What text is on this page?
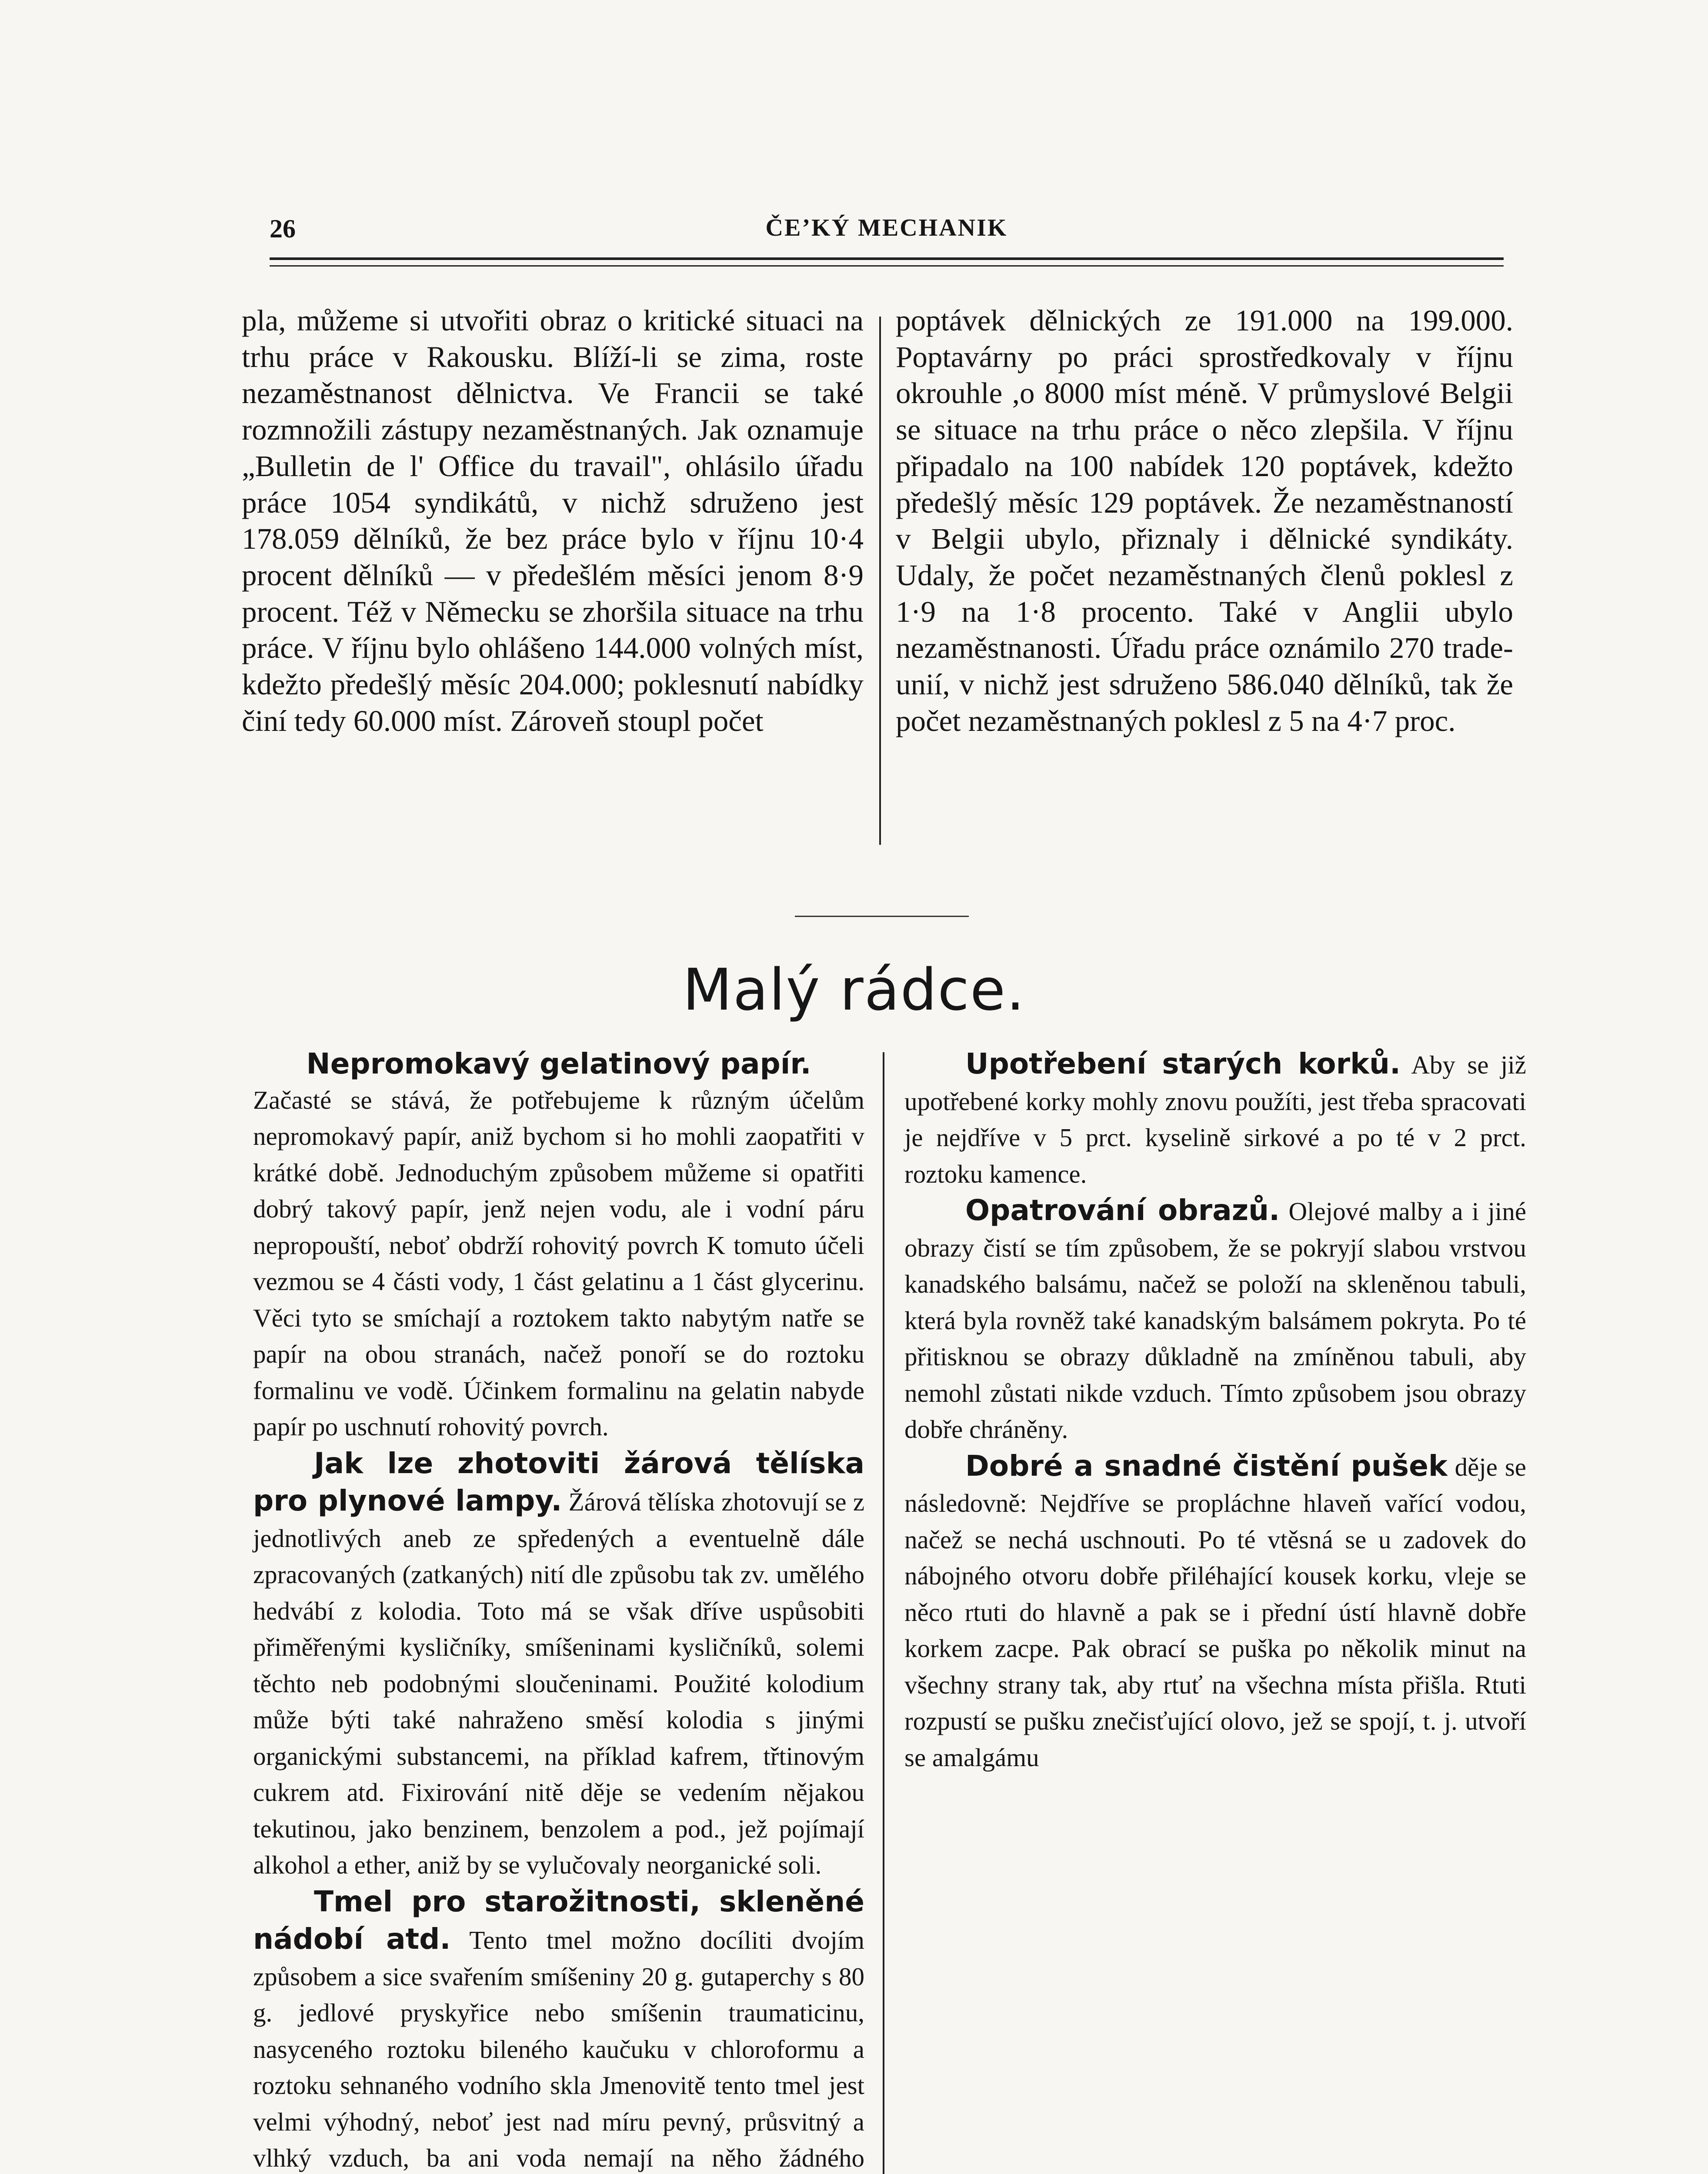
26	ČE’KÝ MECHANIK
pla, můžeme si utvořiti obraz o kritické situaci na trhu práce v Rakousku. Blíží-li se zima, roste nezaměstnanost dělnictva. Ve Francii se také rozmnožili zástupy nezaměstnaných. Jak oznamuje „Bulletin de l' Office du travail", ohlásilo úřadu práce 1054 syndikátů, v nichž sdruženo jest 178.059 dělníků, že bez práce bylo v říjnu 10·4 procent dělníků — v předešlém měsíci jenom 8·9 procent. Též v Německu se zhoršila situace na trhu práce. V říjnu bylo ohlášeno 144.000 volných míst, kdežto předešlý měsíc 204.000; poklesnutí nabídky činí tedy 60.000 míst. Zároveň stoupl počet
poptávek dělnických ze 191.000 na 199.000. Poptavárny po práci sprostředkovaly v říjnu okrouhle ,o 8000 míst méně. V průmyslové Belgii se situace na trhu práce o něco zlepšila. V říjnu připadalo na 100 nabídek 120 poptávek, kdežto předešlý měsíc 129 poptávek. Že nezaměstnaností v Belgii ubylo, přiznaly i dělnické syndikáty. Udaly, že počet nezaměstnaných členů poklesl z 1·9 na 1·8 procento. Také v Anglii ubylo nezaměstnanosti. Úřadu práce oznámilo 270 trade-unií, v nichž jest sdruženo 586.040 dělníků, tak že počet nezaměstnaných poklesl z 5 na 4·7 proc.
Malý rádce.
Nepromokavý gelatinový papír.
Začasté se stává, že potřebujeme k různým účelům nepromokavý papír, aniž bychom si ho mohli zaopatřiti v krátké době. Jednoduchým způsobem můžeme si opatřiti dobrý takový papír, jenž nejen vodu, ale i vodní páru nepropouští, neboť obdrží rohovitý povrch K tomuto účeli vezmou se 4 části vody, 1 část gelatinu a 1 část glycerinu. Věci tyto se smíchají a roztokem takto nabytým natře se papír na obou stranách, načež ponoří se do roztoku formalinu ve vodě. Účinkem formalinu na gelatin nabyde papír po uschnutí rohovitý povrch.
Jak lze zhotoviti žárová tělíska pro plynové lampy. Žárová tělíska zhotovují se z jednotlivých aneb ze spředených a eventuelně dále zpracovaných (zatkaných) nití dle způsobu tak zv. umělého hedvábí z kolodia. Toto má se však dříve uspůsobiti přiměřenými kysličníky, smíšeninami kysličníků, solemi těchto neb podobnými sloučeninami. Použité kolodium může býti také nahraženo směsí kolodia s jinými organickými substancemi, na příklad kafrem, třtinovým cukrem atd. Fixirování nitě děje se vedením nějakou tekutinou, jako benzinem, benzolem a pod., jež pojímají alkohol a ether, aniž by se vylučovaly neorganické soli.
Tmel pro starožitnosti, skleněné nádobí atd. Tento tmel možno docíliti dvojím způsobem a sice svařením smíšeniny 20 g. gutaperchy s 80 g. jedlové pryskyřice nebo smíšenin traumaticinu, nasyceného roztoku bileného kaučuku v chloroformu a roztoku sehnaného vodního skla Jmenovitě tento tmel jest velmi výhodný, neboť jest nad míru pevný, průsvitný a vlhký vzduch, ba ani voda nemají na něho žádného
Upotřebení starých korků. Aby se již upotřebené korky mohly znovu použíti, jest třeba spracovati je nejdříve v 5 prct. kyselině sirkové a po té v 2 prct. roztoku kamence.
Opatrování obrazů. Olejové malby a i jiné obrazy čistí se tím způsobem, že se pokryjí slabou vrstvou kanadského balsámu, načež se položí na skleněnou tabuli, která byla rovněž také kanadským balsámem pokryta. Po té přitisknou se obrazy důkladně na zmíněnou tabuli, aby nemohl zůstati nikde vzduch. Tímto způsobem jsou obrazy dobře chráněny.
Dobré a snadné čistění pušek děje se následovně: Nejdříve se propláchne hlaveň vařící vodou, načež se nechá uschnouti. Po té vtěsná se u zadovek do nábojného otvoru dobře přiléhající kousek korku, vleje se něco rtuti do hlavně a pak se i přední ústí hlavně dobře korkem zacpe. Pak obrací se puška po několik minut na všechny strany tak, aby rtuť na všechna místa přišla. Rtuti rozpustí se pušku znečisťující olovo, jež se spojí, t. j. utvoří se amalgámu
